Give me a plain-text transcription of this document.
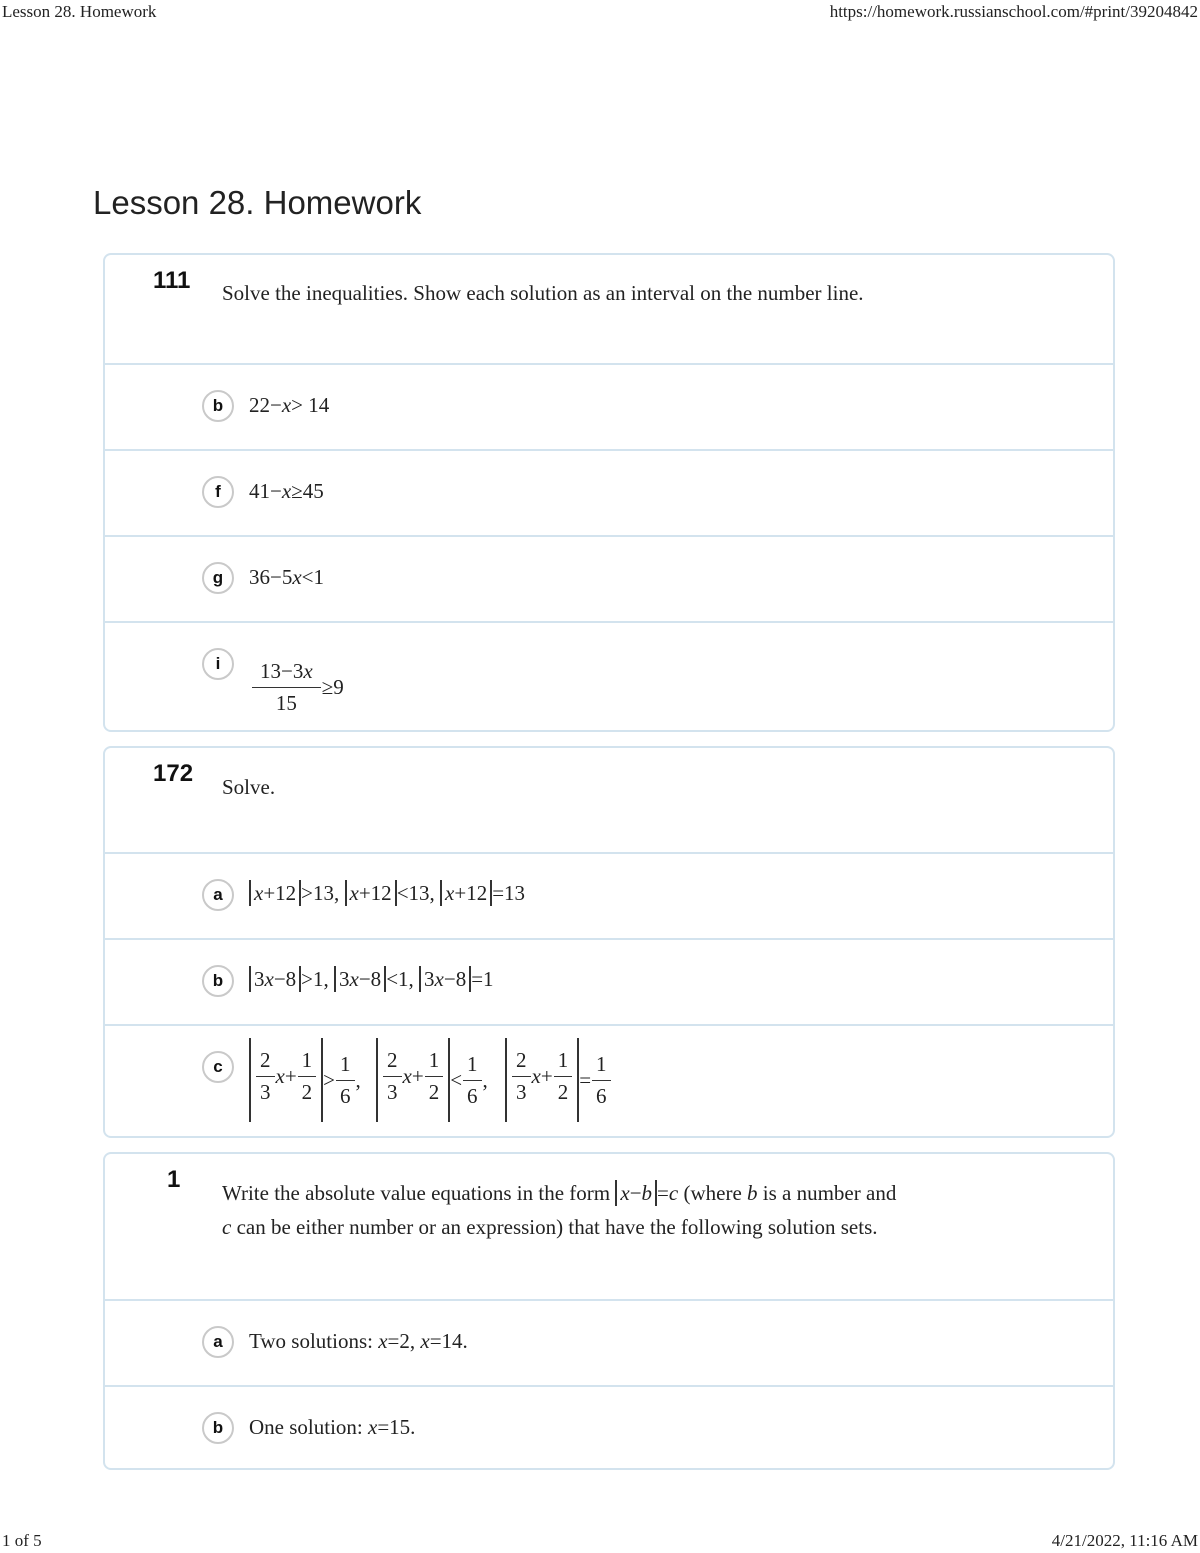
Lesson 28. Homework	https://homework.russianschool.com/#print/39204842
Lesson 28. Homework
111 Solve the inequalities. Show each solution as an interval on the number line.
b	22−x> 14
f	41−x≥45
g	36−5x<1
i	$\frac{13-3x}{15} \ge 9$
172 Solve.
a	x+12 >13, x+12 <13, x+12 =13
b	3x−8 >1, 3x−8 <1, 3x−8 =1
c	$\frac{2}{3} x+ \frac{1}{2} > \frac{1}{6}$ , $\frac{2}{3} x+ \frac{1}{2} < \frac{1}{6}$ , $\frac{2}{3} x+ \frac{1}{2} = \frac{1}{6}$
1 Write the absolute value equations in the form x−b =c (where b is a number and c can be either number or an expression) that have the following solution sets.
a	Two solutions: x=2, x=14.
b	One solution: x=15.
1 of 5	4/21/2022, 11:16 AM
